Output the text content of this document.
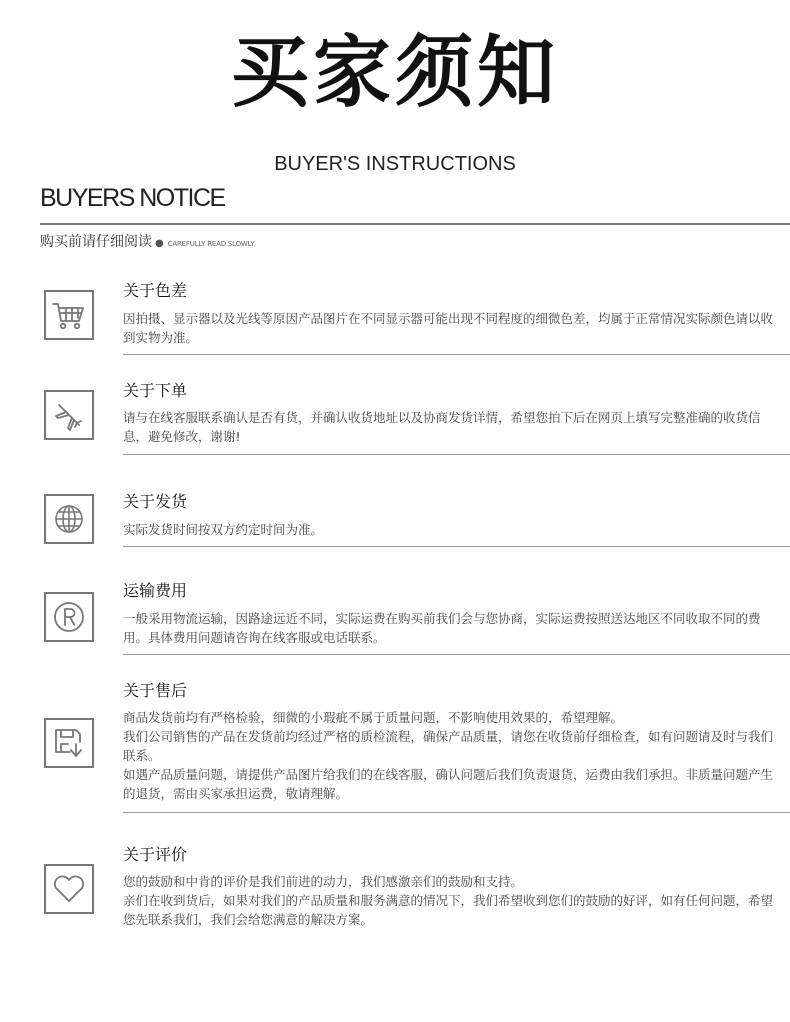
买家须知
BUYER'S INSTRUCTIONS
BUYERS NOTICE
购买前请仔细阅读 ● CAREFULLY READ SLOWLY
关于色差

因拍摄、显示器以及光线等原因产品图片在不同显示器可能出现不同程度的细微色差，均属于正常情况实际颜色请以收到实物为准。

关于下单

请与在线客服联系确认是否有货，并确认收货地址以及协商发货详情，希望您拍下后在网页上填写完整准确的收货信息，避免修改，谢谢!

关于发货

实际发货时间按双方约定时间为准。

运输费用

一般采用物流运输，因路途远近不同，实际运费在购买前我们会与您协商，实际运费按照送达地区不同收取不同的费用。具体费用问题请咨询在线客服或电话联系。

关于售后

商品发货前均有严格检验，细微的小瑕疵不属于质量问题，不影响使用效果的，希望理解。

我们公司销售的产品在发货前均经过严格的质检流程，确保产品质量，请您在收货前仔细检查，如有问题请及时与我们联系。

如遇产品质量问题，请提供产品图片给我们的在线客服，确认问题后我们负责退货，运费由我们承担。非质量问题产生的退货，需由买家承担运费，敬请理解。

关于评价

您的鼓励和中肯的评价是我们前进的动力，我们感激亲们的鼓励和支持。

亲们在收到货后，如果对我们的产品质量和服务满意的情况下，我们希望收到您们的鼓励的好评，如有任何问题，希望您先联系我们，我们会给您满意的解决方案。
